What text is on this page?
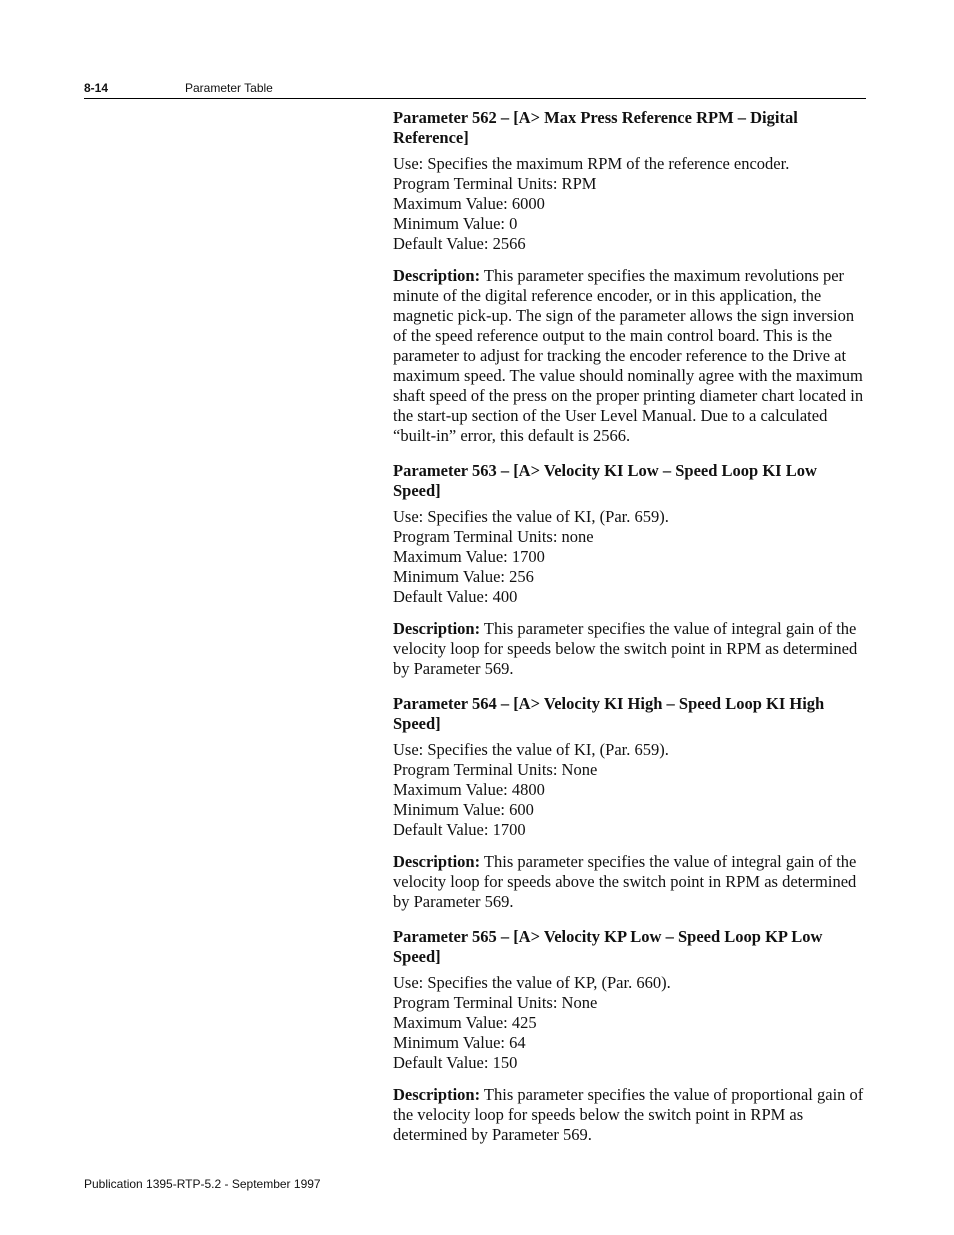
8-14	Parameter Table
Parameter 562 – [A> Max Press Reference RPM – Digital Reference]
Use: Specifies the maximum RPM of the reference encoder.
Program Terminal Units: RPM
Maximum Value: 6000
Minimum Value: 0
Default Value: 2566
Description: This parameter specifies the maximum revolutions per minute of the digital reference encoder, or in this application, the magnetic pick-up. The sign of the parameter allows the sign inversion of the speed reference output to the main control board. This is the parameter to adjust for tracking the encoder reference to the Drive at maximum speed. The value should nominally agree with the maximum shaft speed of the press on the proper printing diameter chart located in the start-up section of the User Level Manual. Due to a calculated “built-in” error, this default is 2566.
Parameter 563 – [A> Velocity KI Low – Speed Loop KI Low Speed]
Use: Specifies the value of KI, (Par. 659).
Program Terminal Units: none
Maximum Value: 1700
Minimum Value: 256
Default Value: 400
Description: This parameter specifies the value of integral gain of the velocity loop for speeds below the switch point in RPM as determined by Parameter 569.
Parameter 564 – [A> Velocity KI High – Speed Loop KI High Speed]
Use: Specifies the value of KI, (Par. 659).
Program Terminal Units: None
Maximum Value: 4800
Minimum Value: 600
Default Value: 1700
Description: This parameter specifies the value of integral gain of the velocity loop for speeds above the switch point in RPM as determined by Parameter 569.
Parameter 565 – [A> Velocity KP Low – Speed Loop KP Low Speed]
Use: Specifies the value of KP, (Par. 660).
Program Terminal Units: None
Maximum Value: 425
Minimum Value: 64
Default Value: 150
Description: This parameter specifies the value of proportional gain of the velocity loop for speeds below the switch point in RPM as determined by Parameter 569.
Publication 1395-RTP-5.2 - September 1997
